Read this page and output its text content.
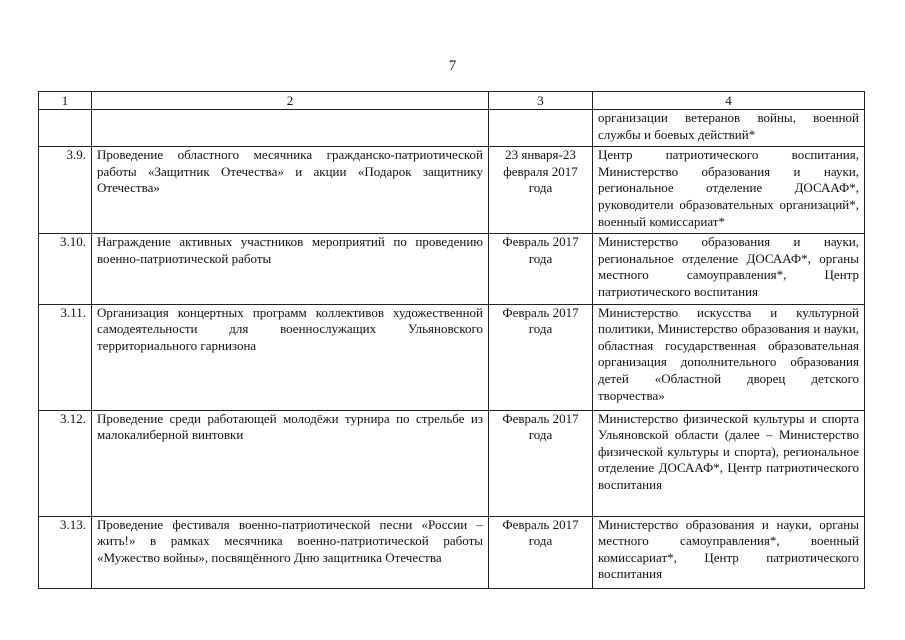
7
1	2	3	4
			организации ветеранов войны, военной службы и боевых действий*
3.9.	Проведение областного месячника гражданско-патриотической работы «Защитник Отечества» и акции «Подарок защитнику Отечества»	23 января-23 февраля 2017 года	Центр патриотического воспитания, Министерство образования и науки, региональное отделение ДОСААФ*, руководители образовательных организаций*, военный комиссариат*
3.10.	Награждение активных участников мероприятий по проведению военно-патриотической работы	Февраль 2017 года	Министерство образования и науки, региональное отделение ДОСААФ*, органы местного самоуправления*, Центр патриотического воспитания
3.11.	Организация концертных программ коллективов художественной самодеятельности для военнослужащих Ульяновского территориального гарнизона	Февраль 2017 года	Министерство искусства и культурной политики, Министерство образования и науки, областная государственная образовательная организация дополнительного образования детей «Областной дворец детского творчества»
3.12.	Проведение среди работающей молодёжи турнира по стрельбе из малокалиберной винтовки	Февраль 2017 года	Министерство физической культуры и спорта Ульяновской области (далее – Министерство физической культуры и спорта), региональное отделение ДОСААФ*, Центр патриотического воспитания
3.13.	Проведение фестиваля военно-патриотической песни «России – жить!» в рамках месячника военно-патриотической работы «Мужество войны», посвящённого Дню защитника Отечества	Февраль 2017 года	Министерство образования и науки, органы местного самоуправления*, военный комиссариат*, Центр патриотического воспитания
